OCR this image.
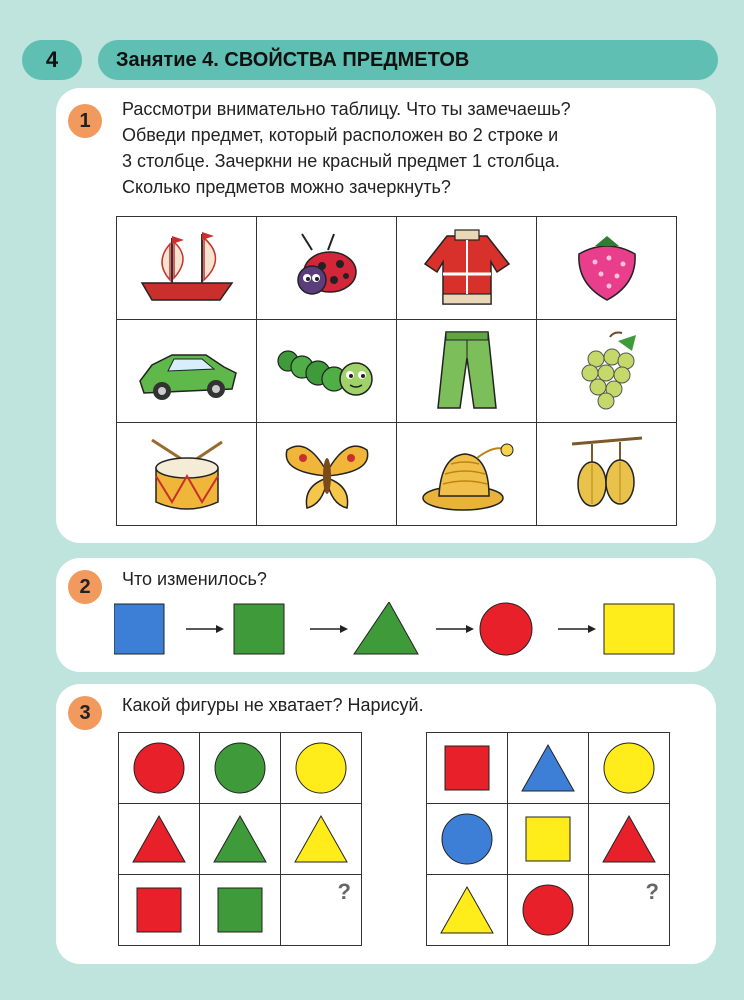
4	Занятие 4. СВОЙСТВА ПРЕДМЕТОВ
1
Рассмотри внимательно таблицу. Что ты замечаешь?
Обведи предмет, который расположен во 2 строке и
3 столбце. Зачеркни не красный предмет 1 столбца.
Сколько предметов можно зачеркнуть?

2	Что изменилось?
3	Какой фигуры не хватает? Нарисуй.

?

		?
